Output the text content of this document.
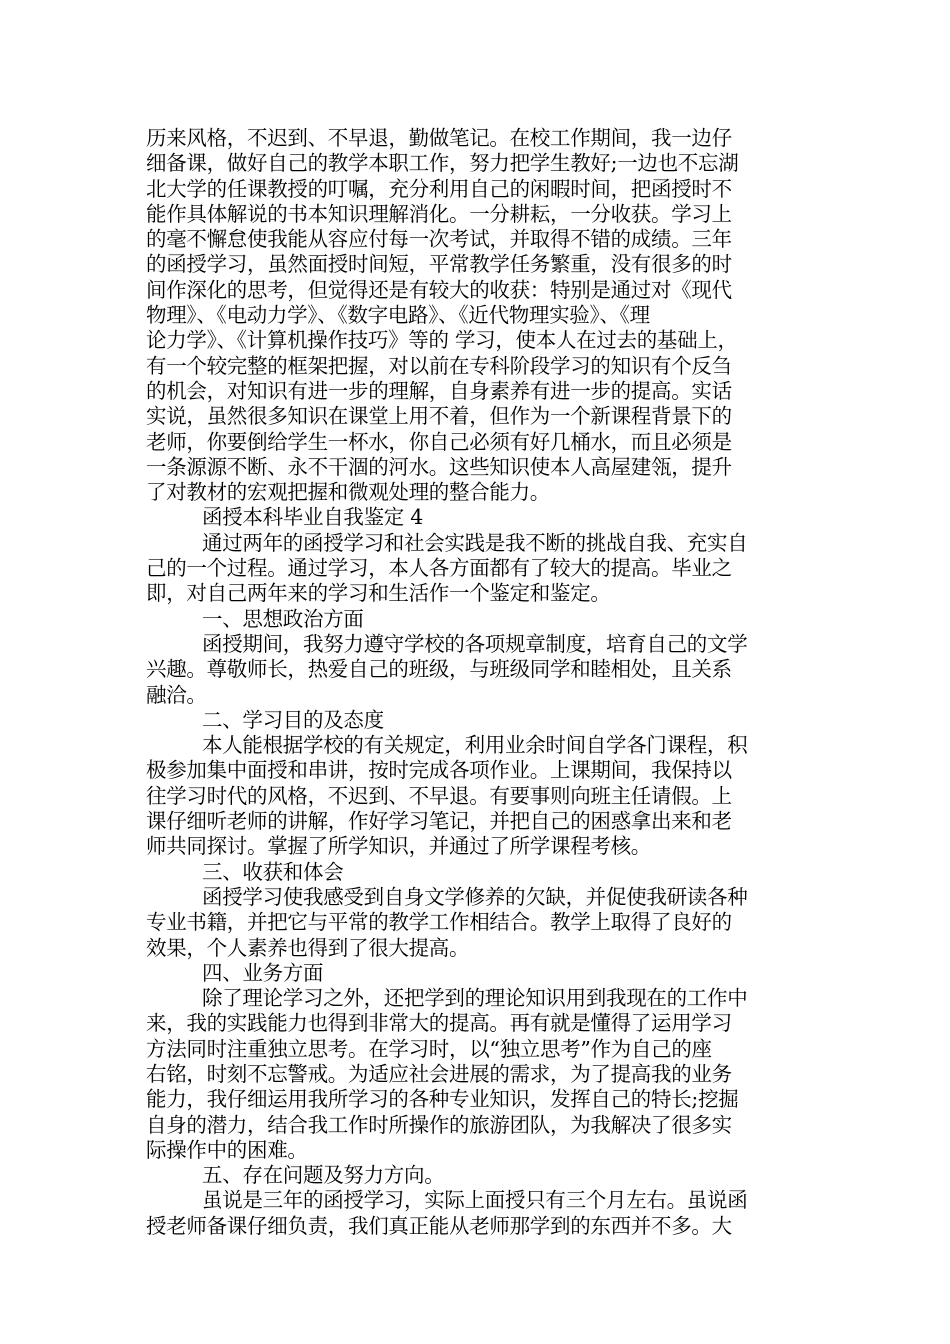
历来风格，不迟到、不早退，勤做笔记。在校工作期间，我一边仔
细备课，做好自己的教学本职工作，努力把学生教好;一边也不忘湖
北大学的任课教授的叮嘱，充分利用自己的闲暇时间，把函授时不
能作具体解说的书本知识理解消化。一分耕耘，一分收获。学习上
的毫不懈怠使我能从容应付每一次考试，并取得不错的成绩。三年
的函授学习，虽然面授时间短，平常教学任务繁重，没有很多的时
间作深化的思考，但觉得还是有较大的收获：特别是通过对《现代
物理》、《电动力学》、《数字电路》、《近代物理实验》、《理
论力学》、《计算机操作技巧》等的 学习，使本人在过去的基础上，
有一个较完整的框架把握，对以前在专科阶段学习的知识有个反刍
的机会，对知识有进一步的理解，自身素养有进一步的提高。实话
实说，虽然很多知识在课堂上用不着，但作为一个新课程背景下的
老师，你要倒给学生一杯水，你自己必须有好几桶水，而且必须是
一条源源不断、永不干涸的河水。这些知识使本人高屋建瓴，提升
了对教材的宏观把握和微观处理的整合能力。
函授本科毕业自我鉴定 4
通过两年的函授学习和社会实践是我不断的挑战自我、充实自
己的一个过程。通过学习，本人各方面都有了较大的提高。毕业之
即，对自己两年来的学习和生活作一个鉴定和鉴定。
一、思想政治方面
函授期间，我努力遵守学校的各项规章制度，培育自己的文学
兴趣。尊敬师长，热爱自己的班级，与班级同学和睦相处，且关系
融洽。
二、学习目的及态度
本人能根据学校的有关规定，利用业余时间自学各门课程，积
极参加集中面授和串讲，按时完成各项作业。上课期间，我保持以
往学习时代的风格，不迟到、不早退。有要事则向班主任请假。上
课仔细听老师的讲解，作好学习笔记，并把自己的困惑拿出来和老
师共同探讨。掌握了所学知识，并通过了所学课程考核。
三、收获和体会
函授学习使我感受到自身文学修养的欠缺，并促使我研读各种
专业书籍，并把它与平常的教学工作相结合。教学上取得了良好的
效果，个人素养也得到了很大提高。
四、业务方面
除了理论学习之外，还把学到的理论知识用到我现在的工作中
来，我的实践能力也得到非常大的提高。再有就是懂得了运用学习
方法同时注重独立思考。在学习时，以“独立思考”作为自己的座
右铭，时刻不忘警戒。为适应社会进展的需求，为了提高我的业务
能力，我仔细运用我所学习的各种专业知识，发挥自己的特长;挖掘
自身的潜力，结合我工作时所操作的旅游团队，为我解决了很多实
际操作中的困难。
五、存在问题及努力方向。
虽说是三年的函授学习，实际上面授只有三个月左右。虽说函
授老师备课仔细负责，我们真正能从老师那学到的东西并不多。大
